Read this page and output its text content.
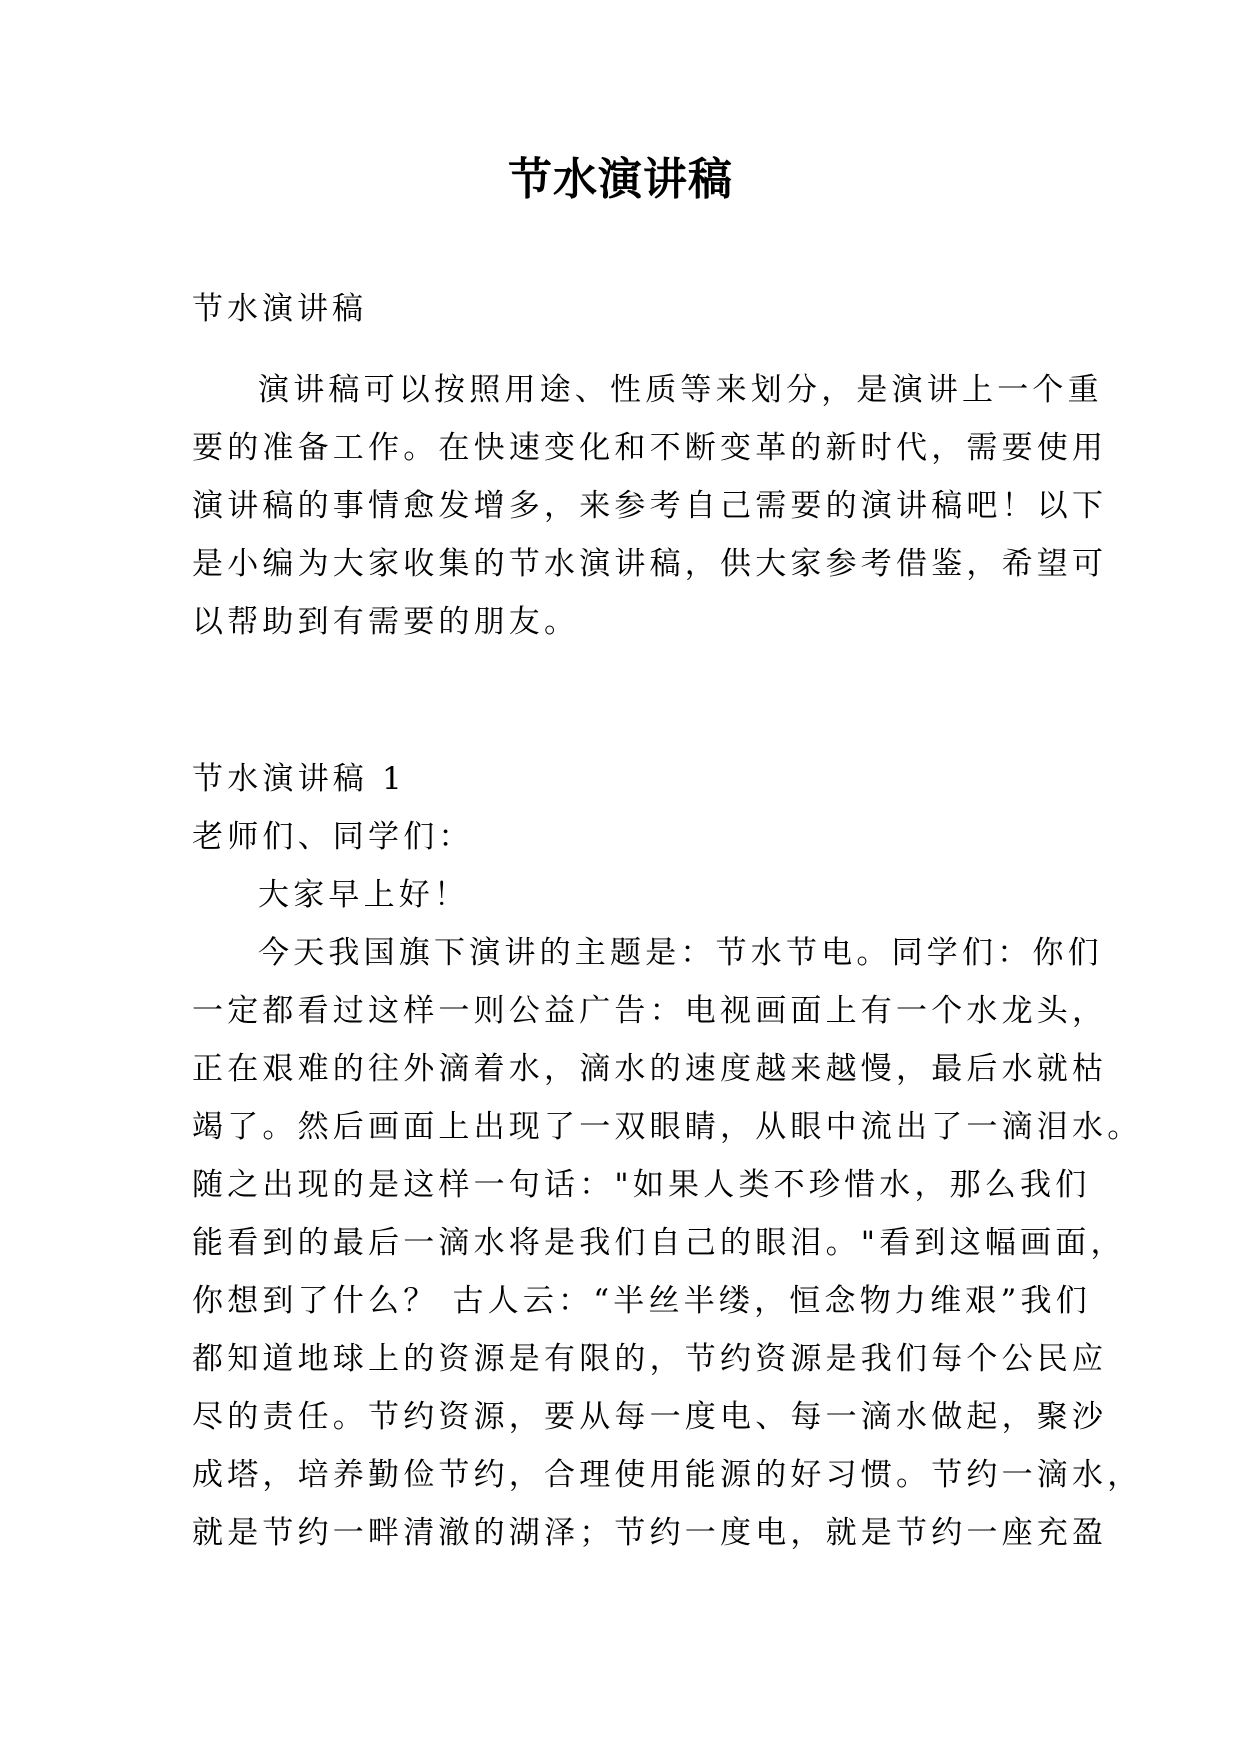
节水演讲稿
节水演讲稿
演讲稿可以按照用途、性质等来划分，是演讲上一个重
要的准备工作。在快速变化和不断变革的新时代，需要使用
演讲稿的事情愈发增多，来参考自己需要的演讲稿吧！以下
是小编为大家收集的节水演讲稿，供大家参考借鉴，希望可
以帮助到有需要的朋友。
节水演讲稿 1
老师们、同学们：
大家早上好！
今天我国旗下演讲的主题是：节水节电。同学们：你们
一定都看过这样一则公益广告：电视画面上有一个水龙头，
正在艰难的往外滴着水，滴水的速度越来越慢，最后水就枯
竭了。然后画面上出现了一双眼睛，从眼中流出了一滴泪水。
随之出现的是这样一句话："如果人类不珍惜水，那么我们
能看到的最后一滴水将是我们自己的眼泪。"看到这幅画面，
你想到了什么？ 古人云：“半丝半缕，恒念物力维艰”我们
都知道地球上的资源是有限的，节约资源是我们每个公民应
尽的责任。节约资源，要从每一度电、每一滴水做起，聚沙
成塔，培养勤俭节约，合理使用能源的好习惯。节约一滴水，
就是节约一畔清澈的湖泽；节约一度电，就是节约一座充盈
